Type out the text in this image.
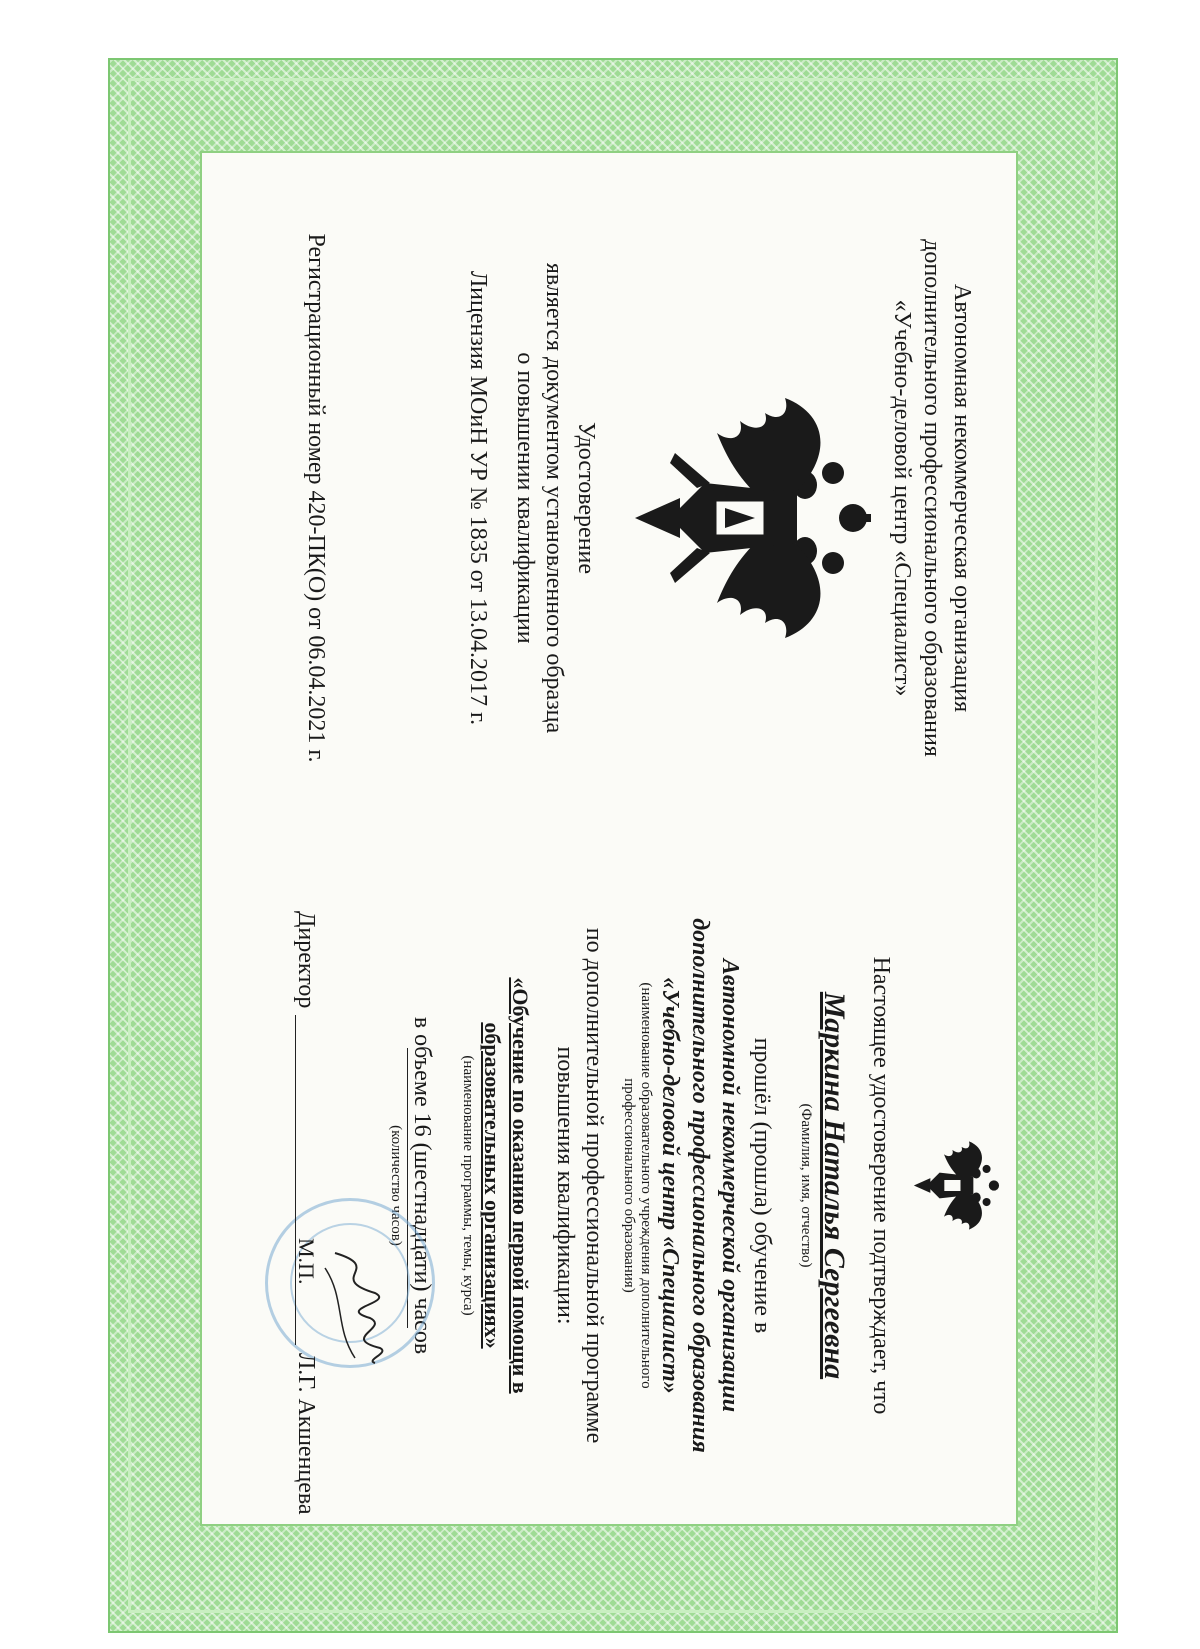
Автономная некоммерческая организация
дополнительного профессионального образования
«Учебно-деловой центр «Специалист»
Удостоверение
является документом установленного образца
о повышении квалификации
Лицензия МОиН УР № 1835 от 13.04.2017 г.
Регистрационный номер 420-ПК(О) от 06.04.2021 г.
Настоящее удостоверение подтверждает, что
Маркина Наталья Сергеевна
(Фамилия, имя, отчество)
прошёл (прошла) обучение в
Автономной некоммерческой организации
дополнительного профессионального образования
«Учебно-деловой центр «Специалист»
(наименование образовательного учреждения дополнительного
профессионального образования)
по дополнительной профессиональной программе
повышения квалификации:
«Обучение по оказанию первой помощи в
образовательных организациях»
(наименование программы, темы, курса)
в объеме 16 (шестнадцати) часов
(количество часов)
Директор
М.П.
Л.Г. Акшенцева
